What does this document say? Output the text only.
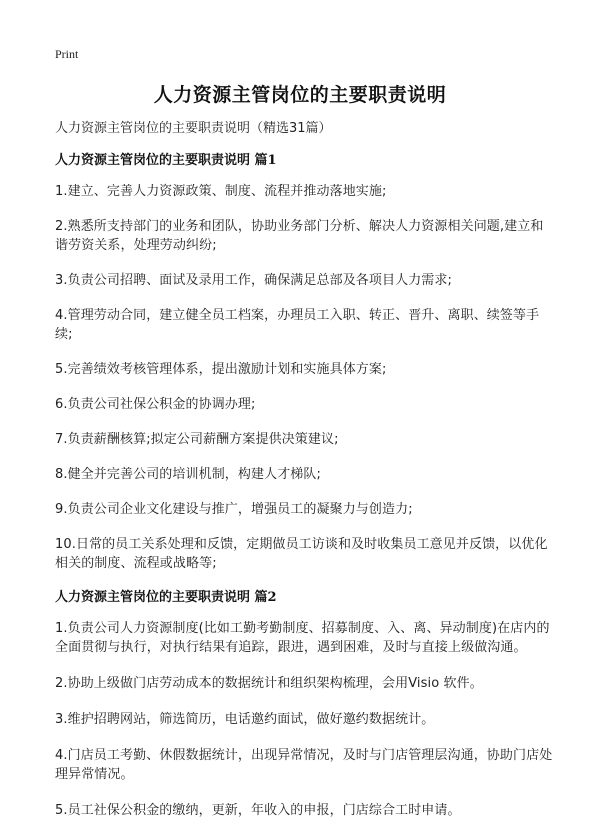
Print
人力资源主管岗位的主要职责说明

人力资源主管岗位的主要职责说明（精选31篇）

人力资源主管岗位的主要职责说明 篇1

1.建立、完善人力资源政策、制度、流程并推动落地实施;

2.熟悉所支持部门的业务和团队，协助业务部门分析、解决人力资源相关问题,建立和谐劳资关系，处理劳动纠纷;

3.负责公司招聘、面试及录用工作，确保满足总部及各项目人力需求;

4.管理劳动合同，建立健全员工档案，办理员工入职、转正、晋升、离职、续签等手续;

5.完善绩效考核管理体系，提出激励计划和实施具体方案;

6.负责公司社保公积金的协调办理;

7.负责薪酬核算;拟定公司薪酬方案提供决策建议;

8.健全并完善公司的培训机制，构建人才梯队;

9.负责公司企业文化建设与推广，增强员工的凝聚力与创造力;

10.日常的员工关系处理和反馈，定期做员工访谈和及时收集员工意见并反馈，以优化相关的制度、流程或战略等;

人力资源主管岗位的主要职责说明 篇2

1.负责公司人力资源制度(比如工勤考勤制度、招募制度、入、离、异动制度)在店内的全面贯彻与执行，对执行结果有追踪，跟进，遇到困难，及时与直接上级做沟通。

2.协助上级做门店劳动成本的数据统计和组织架构梳理，会用Visio 软件。

3.维护招聘网站，筛选简历，电话邀约面试，做好邀约数据统计。

4.门店员工考勤、休假数据统计，出现异常情况，及时与门店管理层沟通，协助门店处理异常情况。

5.员工社保公积金的缴纳，更新，年收入的申报，门店综合工时申请。
